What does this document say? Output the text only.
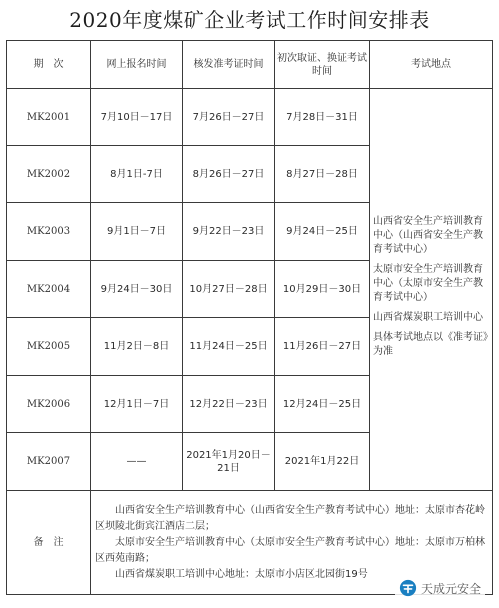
2020年度煤矿企业考试工作时间安排表
期　次	网上报名时间	核发准考证时间	初次取证、换证考试时间	考试地点
MK2001	7月10日－17日	7月26日－27日	7月28日－31日	山西省安全生产培训教育中心（山西省安全生产教育考试中心）

太原市安全生产培训教育中心（太原市安全生产教育考试中心）

山西省煤炭职工培训中心

具体考试地点以《准考证》为准

MK2002	8月1日-7日	8月26日－27日	8月27日－28日	
MK2003	9月1日－7日	9月22日－23日	9月24日－25日	
MK2004	9月24日－30日	10月27日－28日	10月29日－30日	
MK2005	11月2日－8日	11月24日－25日	11月26日－27日	
MK2006	12月1日－7日	12月22日－23日	12月24日－25日	
MK2007	——	2021年1月20日－21日	2021年1月22日	
备　注	山西省安全生产培训教育中心（山西省安全生产教育考试中心）地址：太原市杏花岭区坝陵北街宾江酒店二层；

太原市安全生产培训教育中心（太原市安全生产教育考试中心）地址：太原市万柏林区西苑南路；

山西省煤炭职工培训中心地址：太原市小店区北园街19号			

天成元安全
